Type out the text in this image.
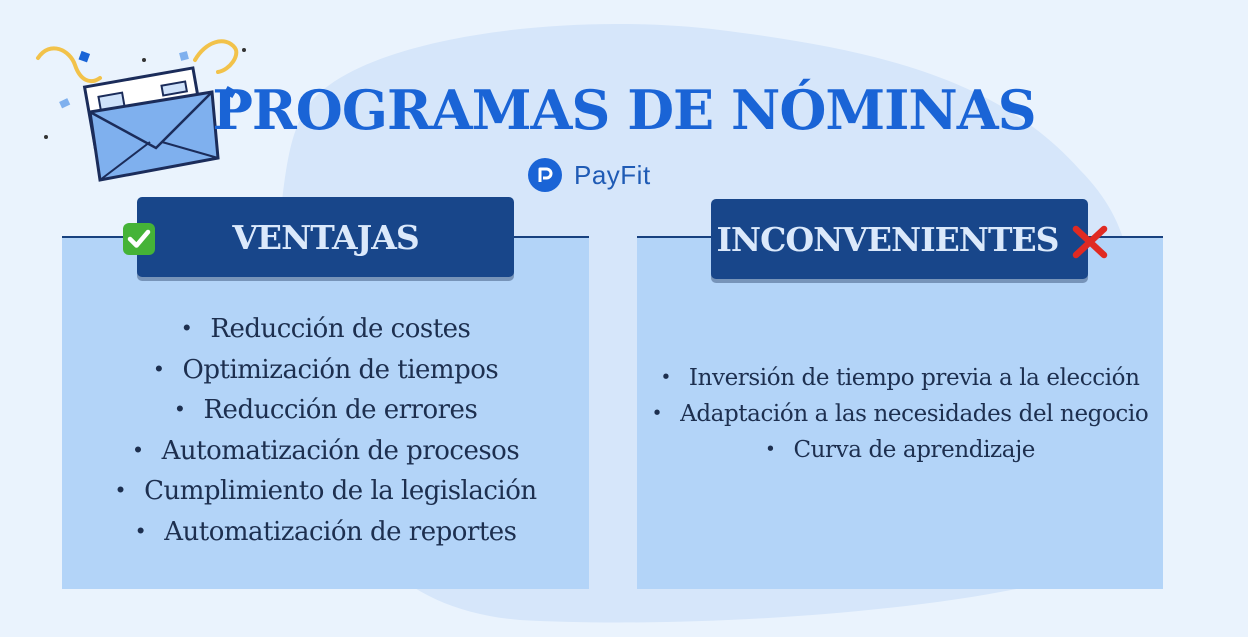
PROGRAMAS DE NÓMINAS
PayFit
VENTAJAS	INCONVENIENTES
• Reducción de costes
• Optimización de tiempos
• Reducción de errores
• Automatización de procesos
• Cumplimiento de la legislación
• Automatización de reportes
• Inversión de tiempo previa a la elección
• Adaptación a las necesidades del negocio
• Curva de aprendizaje
